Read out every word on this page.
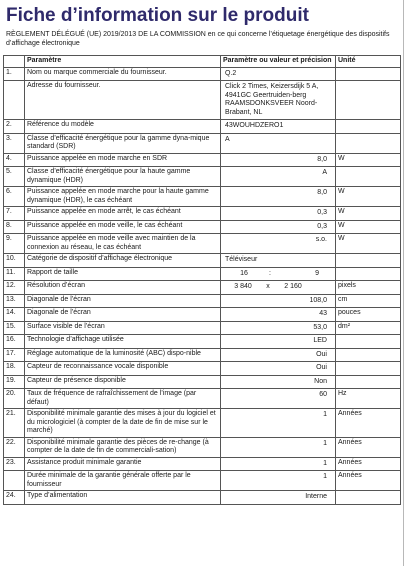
Fiche d’information sur le produit

RÈGLEMENT DÉLÉGUÉ (UE) 2019/2013 DE LA COMMISSION en ce qui concerne l’étiquetage énergétique des dispositifs d’affichage électronique

	Paramètre	Paramètre ou valeur et précision	Unité
1.	Nom ou marque commerciale du fournisseur.	Q.2	

	Adresse du fournisseur.	Click 2 Times, Keizersdijk 5 A, 4941GC Geertruiden-berg RAAMSDONKSVEER Noord-Brabant, NL	

2.	Référence du modèle	43WOUHDZERO1	

3.	Classe d’efficacité énergétique pour la gamme dyna-mique standard (SDR)	A	

4.	Puissance appelée en mode marche en SDR	8,0	W
5.	Classe d’efficacité énergétique pour la haute gamme dynamique (HDR)	A	

6.	Puissance appelée en mode marche pour la haute gamme dynamique (HDR), le cas échéant	8,0	W
7.	Puissance appelée en mode arrêt, le cas échéant	0,3	W
8.	Puissance appelée en mode veille, le cas échéant	0,3	W
9.	Puissance appelée en mode veille avec maintien de la connexion au réseau, le cas échéant	s.o.	W
10.	Catégorie de dispositif d’affichage électronique	Téléviseur	

11.	Rapport de taille	16 : 9	

12.	Résolution d’écran	3 840 x 2 160	pixels
13.	Diagonale de l’écran	108,0	cm
14.	Diagonale de l’écran	43	pouces
15.	Surface visible de l’écran	53,0	dm²
16.	Technologie d’affichage utilisée	LED	

17.	Réglage automatique de la luminosité (ABC) dispo-nible	Oui	

18.	Capteur de reconnaissance vocale disponible	Oui	

19.	Capteur de présence disponible	Non	

20.	Taux de fréquence de rafraîchissement de l’image (par défaut)	60	Hz
21.	Disponibilité minimale garantie des mises à jour du logiciel et du micrologiciel (à compter de la date de fin de mise sur le marché)	1	Années
22.	Disponibilité minimale garantie des pièces de re-change (à compter de la date de fin de commerciali-sation)	1	Années
23.	Assistance produit minimale garantie	1	Années
	Durée minimale de la garantie générale offerte par le fournisseur	1	Années
24.	Type d’alimentation	Interne	
